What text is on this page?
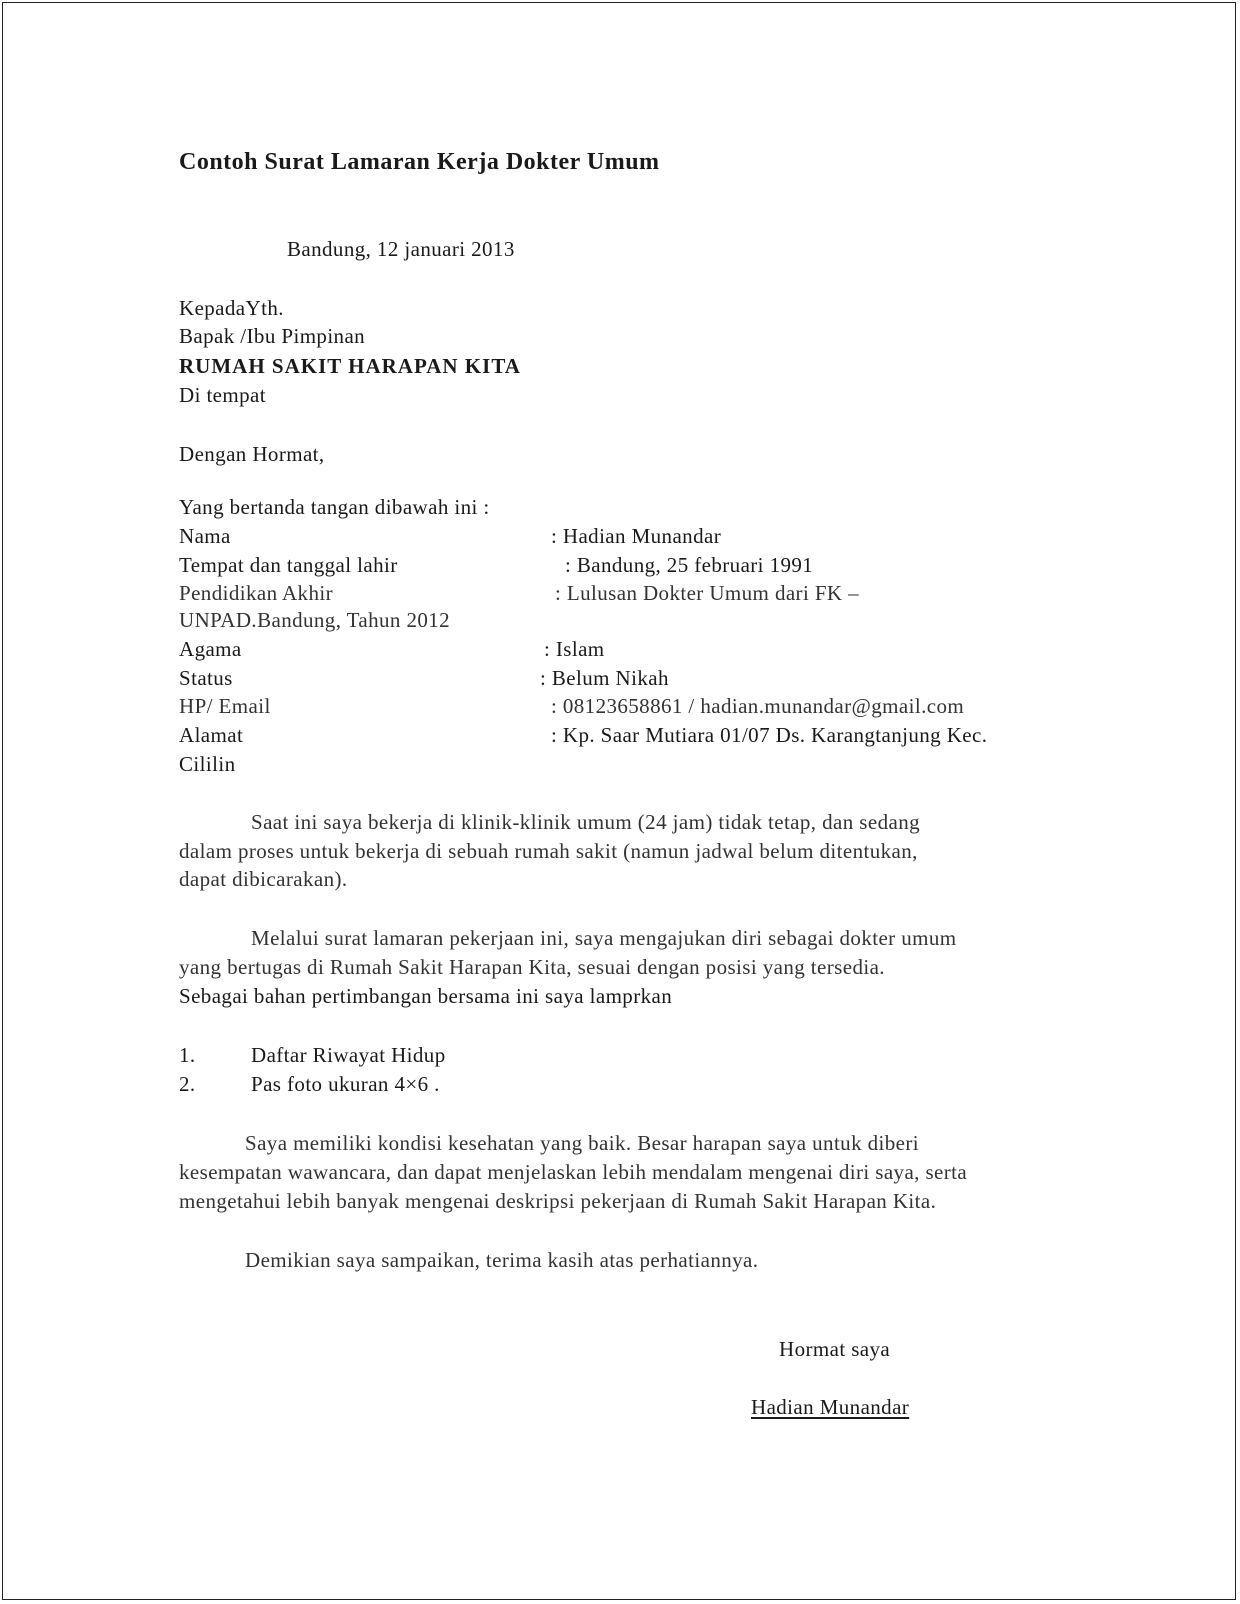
Contoh Surat Lamaran Kerja Dokter Umum
Bandung, 12 januari 2013
KepadaYth.
Bapak /Ibu Pimpinan
RUMAH SAKIT HARAPAN KITA
Di tempat
Dengan Hormat,
Yang bertanda tangan dibawah ini :
Nama	: Hadian Munandar
Tempat dan tanggal lahir	: Bandung, 25 februari 1991
Pendidikan Akhir	: Lulusan Dokter Umum dari FK –
UNPAD.Bandung, Tahun 2012
Agama	: Islam
Status	: Belum Nikah
HP/ Email	: 08123658861 / hadian.munandar@gmail.com
Alamat	: Kp. Saar Mutiara 01/07 Ds. Karangtanjung Kec.
Cililin
Saat ini saya bekerja di klinik-klinik umum (24 jam) tidak tetap, dan sedang
dalam proses untuk bekerja di sebuah rumah sakit (namun jadwal belum ditentukan,
dapat dibicarakan).
Melalui surat lamaran pekerjaan ini, saya mengajukan diri sebagai dokter umum
yang bertugas di Rumah Sakit Harapan Kita, sesuai dengan posisi yang tersedia.
Sebagai bahan pertimbangan bersama ini saya lamprkan
1.	Daftar Riwayat Hidup
2.	Pas foto ukuran 4×6 .
Saya memiliki kondisi kesehatan yang baik. Besar harapan saya untuk diberi
kesempatan wawancara, dan dapat menjelaskan lebih mendalam mengenai diri saya, serta
mengetahui lebih banyak mengenai deskripsi pekerjaan di Rumah Sakit Harapan Kita.
Demikian saya sampaikan, terima kasih atas perhatiannya.
Hormat saya
Hadian Munandar
